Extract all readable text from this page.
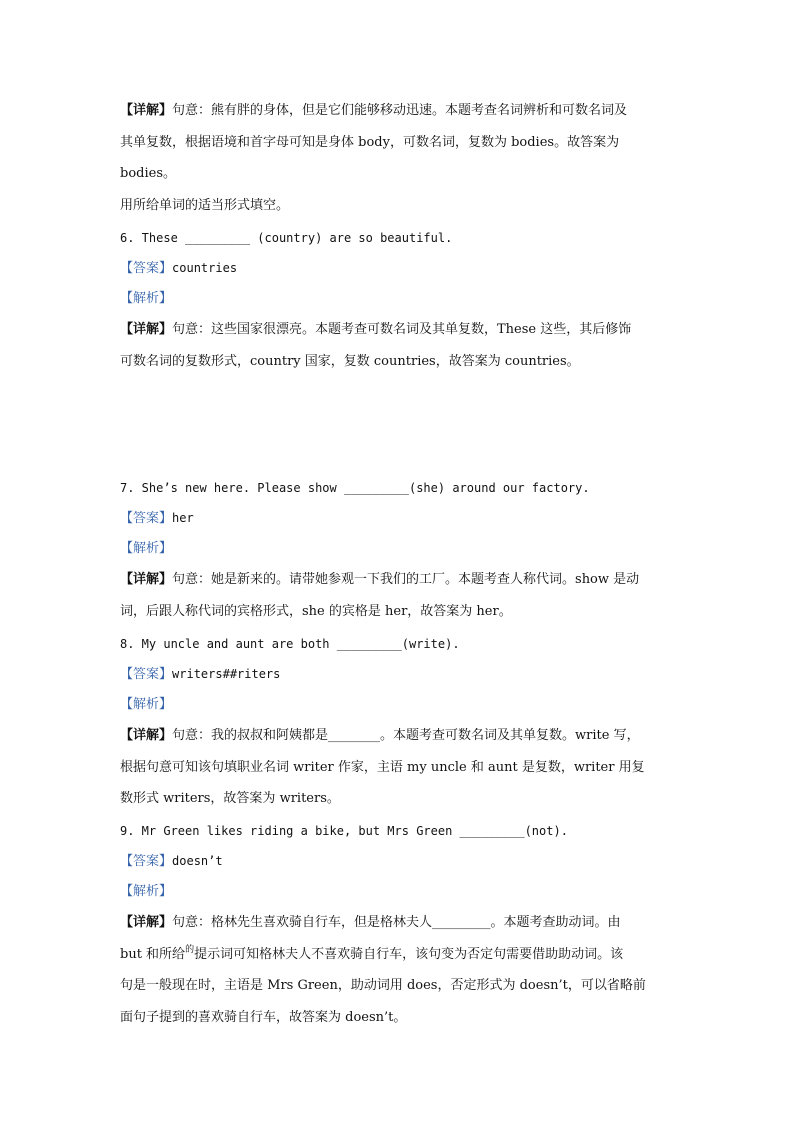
【详解】句意：熊有胖的身体，但是它们能够移动迅速。本题考查名词辨析和可数名词及
其单复数，根据语境和首字母可知是身体 body，可数名词，复数为 bodies。故答案为
bodies。
用所给单词的适当形式填空。
6. These _________ (country) are so beautiful.
【答案】countries
【解析】
【详解】句意：这些国家很漂亮。本题考查可数名词及其单复数，These 这些，其后修饰
可数名词的复数形式，country 国家，复数 countries，故答案为 countries。
7. She’s new here. Please show _________(she) around our factory.
【答案】her
【解析】
【详解】句意：她是新来的。请带她参观一下我们的工厂。本题考查人称代词。show 是动
词，后跟人称代词的宾格形式，she 的宾格是 her，故答案为 her。
8. My uncle and aunt are both _________(write).
【答案】writers##riters
【解析】
【详解】句意：我的叔叔和阿姨都是________。本题考查可数名词及其单复数。write 写，
根据句意可知该句填职业名词 writer 作家，主语 my uncle 和 aunt 是复数，writer 用复
数形式 writers，故答案为 writers。
9. Mr Green likes riding a bike, but Mrs Green _________(not).
【答案】doesn’t
【解析】
【详解】句意：格林先生喜欢骑自行车，但是格林夫人_________。本题考查助动词。由
but 和所给$^的$提示词可知格林夫人不喜欢骑自行车，该句变为否定句需要借助助动词。该
句是一般现在时，主语是 Mrs Green，助动词用 does，否定形式为 doesn’t，可以省略前
面句子提到的喜欢骑自行车，故答案为 doesn’t。
